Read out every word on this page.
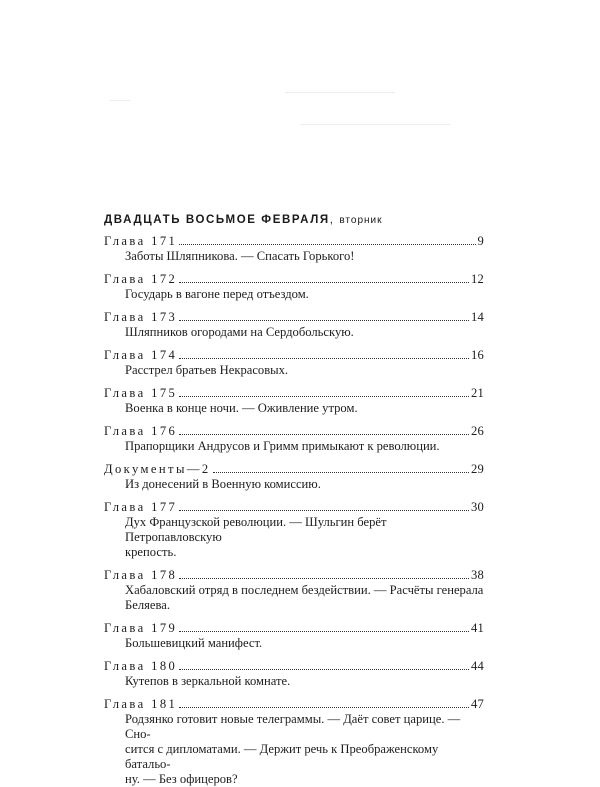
ДВАДЦАТЬ ВОСЬМОЕ ФЕВРАЛЯ, вторник
Глава 171	9
Заботы Шляпникова. — Спасать Горького!
Глава 172	12
Государь в вагоне перед отъездом.
Глава 173	14
Шляпников огородами на Сердобольскую.
Глава 174	16
Расстрел братьев Некрасовых.
Глава 175	21
Военка в конце ночи. — Оживление утром.
Глава 176	26
Прапорщики Андрусов и Гримм примыкают к революции.
Документы—2	29
Из донесений в Военную комиссию.
Глава 177	30
Дух Французской революции. — Шульгин берёт Петропавловскую
крепость.
Глава 178	38
Хабаловский отряд в последнем бездействии. — Расчёты генерала
Беляева.
Глава 179	41
Большевицкий манифест.
Глава 180	44
Кутепов в зеркальной комнате.
Глава 181	47
Родзянко готовит новые телеграммы. — Даёт совет царице. — Сно-
сится с дипломатами. — Держит речь к Преображенскому батальо-
ну. — Без офицеров?
